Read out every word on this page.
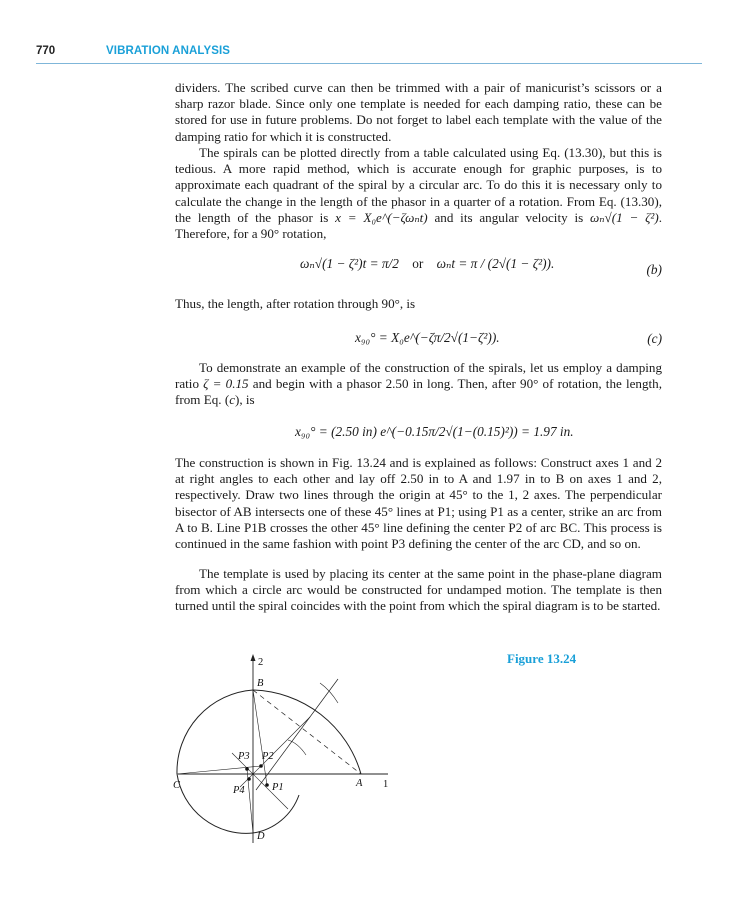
770	VIBRATION ANALYSIS

dividers. The scribed curve can then be trimmed with a pair of manicurist’s scissors or a sharp razor blade. Since only one template is needed for each damping ratio, these can be stored for use in future problems. Do not forget to label each template with the value of the damping ratio for which it is constructed.

The spirals can be plotted directly from a table calculated using Eq. (13.30), but this is tedious. A more rapid method, which is accurate enough for graphic purposes, is to approximate each quadrant of the spiral by a circular arc. To do this it is necessary only to calculate the change in the length of the phasor in a quarter of a rotation. From Eq. (13.30), the length of the phasor is x = X₀e^(−ζωₙt) and its angular velocity is ωₙ√(1 − ζ²). Therefore, for a 90° rotation,

ωₙ√(1 − ζ²)t = π/2 or ωₙt = π / (2√(1 − ζ²)).	(b)

Thus, the length, after rotation through 90°, is

x₉₀° = X₀e^(−ζπ/2√(1−ζ²)).	(c)

To demonstrate an example of the construction of the spirals, let us employ a damping ratio ζ = 0.15 and begin with a phasor 2.50 in long. Then, after 90° of rotation, the length, from Eq. (c), is

x₉₀° = (2.50 in) e^(−0.15π/2√(1−(0.15)²)) = 1.97 in.

The construction is shown in Fig. 13.24 and is explained as follows: Construct axes 1 and 2 at right angles to each other and lay off 2.50 in to A and 1.97 in to B on axes 1 and 2, respectively. Draw two lines through the origin at 45° to the 1, 2 axes. The perpendicular bisector of AB intersects one of these 45° lines at P1; using P1 as a center, strike an arc from A to B. Line P1B crosses the other 45° line defining the center P2 of arc BC. This process is continued in the same fashion with point P3 defining the center of the arc CD, and so on.

The template is used by placing its center at the same point in the phase-plane diagram from which a circle arc would be constructed for undamped motion. The template is then turned until the spiral coincides with the point from which the spiral diagram is to be started.

Figure 13.24
2
1
B
A
C
D
P1
P2
P3
P4
